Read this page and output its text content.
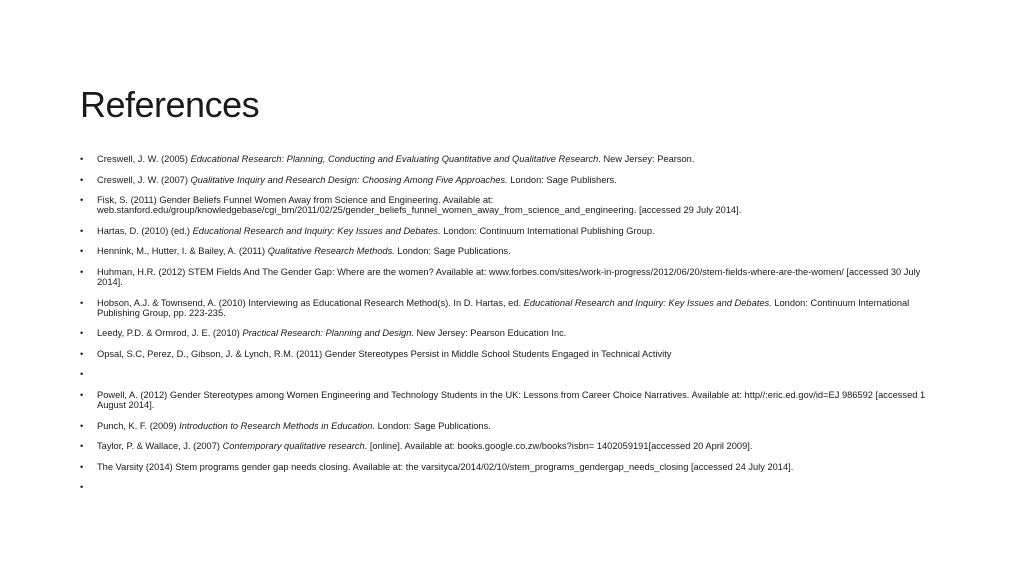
References
• Creswell, J. W. (2005) Educational Research: Planning, Conducting and Evaluating Quantitative and Qualitative Research. New Jersey: Pearson.
• Creswell, J. W. (2007) Qualitative Inquiry and Research Design: Choosing Among Five Approaches. London: Sage Publishers.
• Fisk, S. (2011) Gender Beliefs Funnel Women Away from Science and Engineering. Available at: web.stanford.edu/group/knowledgebase/cgi_bm/2011/02/25/gender_beliefs_funnel_women_away_from_science_and_engineering. [accessed 29 July 2014].
• Hartas, D. (2010) (ed.) Educational Research and Inquiry: Key Issues and Debates. London: Continuum International Publishing Group.
• Hennink, M., Hutter, I. & Bailey, A. (2011) Qualitative Research Methods. London: Sage Publications.
• Huhman, H.R. (2012) STEM Fields And The Gender Gap: Where are the women? Available at: www.forbes.com/sites/work-in-progress/2012/06/20/stem-fields-where-are-the-women/ [accessed 30 July 2014].
• Hobson, A.J. & Townsend, A. (2010) Interviewing as Educational Research Method(s). In D. Hartas, ed. Educational Research and Inquiry: Key Issues and Debates. London: Continuum International Publishing Group, pp. 223-235.
• Leedy, P.D. & Ormrod, J. E. (2010) Practical Research: Planning and Design. New Jersey: Pearson Education Inc.
• Opsal, S.C, Perez, D., Gibson, J. & Lynch, R.M. (2011) Gender Stereotypes Persist in Middle School Students Engaged in Technical Activity
•
• Powell, A. (2012) Gender Stereotypes among Women Engineering and Technology Students in the UK: Lessons from Career Choice Narratives. Available at: http//:eric.ed.gov/id=EJ 986592 [accessed 1 August 2014].
• Punch, K. F. (2009) Introduction to Research Methods in Education. London: Sage Publications.
• Taylor, P. & Wallace, J. (2007) Contemporary qualitative research. [online]. Available at: books.google.co.zw/books?isbn= 1402059191[accessed 20 April 2009].
• The Varsity (2014) Stem programs gender gap needs closing. Available at: the varsityca/2014/02/10/stem_programs_gendergap_needs_closing [accessed 24 July 2014].
•
